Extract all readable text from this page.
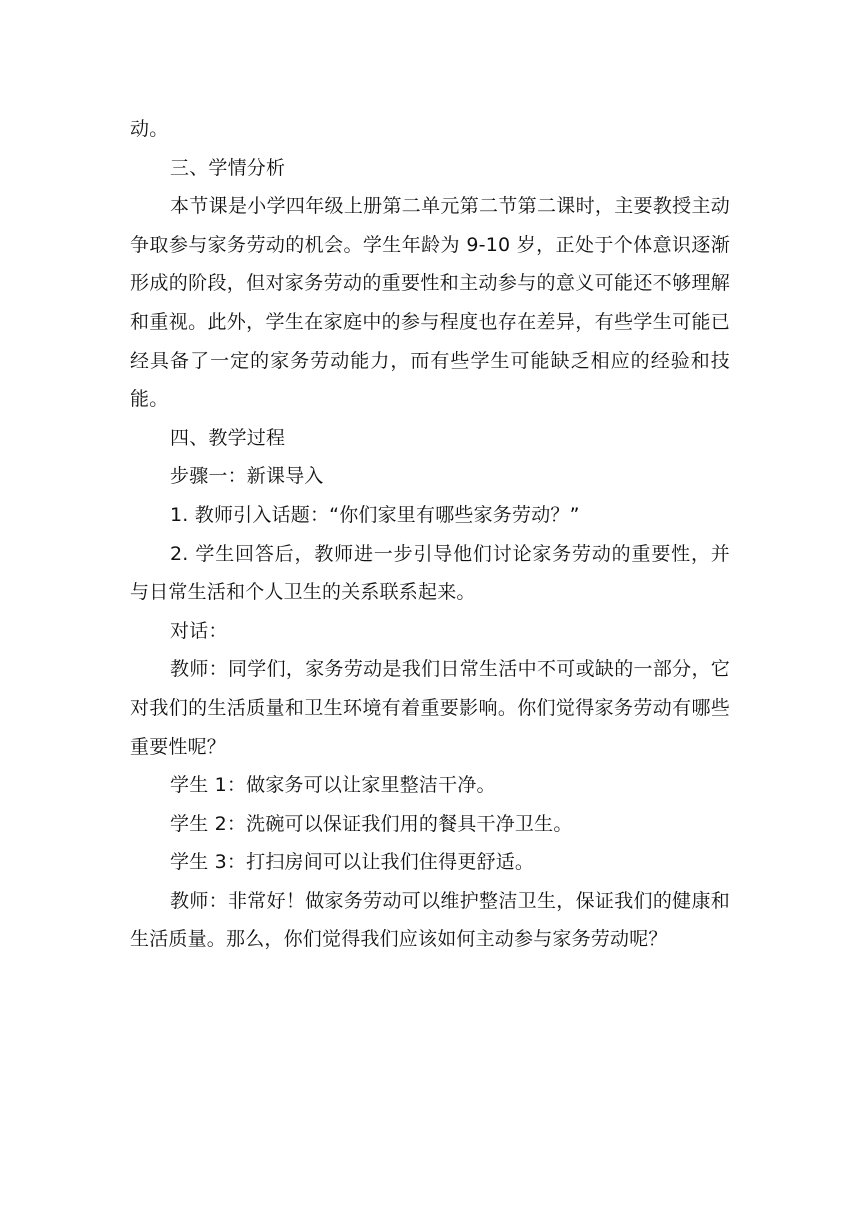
动。

三、学情分析

本节课是小学四年级上册第二单元第二节第二课时，主要教授主动争取参与家务劳动的机会。学生年龄为 9-10 岁，正处于个体意识逐渐形成的阶段，但对家务劳动的重要性和主动参与的意义可能还不够理解和重视。此外，学生在家庭中的参与程度也存在差异，有些学生可能已经具备了一定的家务劳动能力，而有些学生可能缺乏相应的经验和技能。

四、教学过程

步骤一：新课导入

1. 教师引入话题：“你们家里有哪些家务劳动？”

2. 学生回答后，教师进一步引导他们讨论家务劳动的重要性，并与日常生活和个人卫生的关系联系起来。

对话：

教师：同学们，家务劳动是我们日常生活中不可或缺的一部分，它对我们的生活质量和卫生环境有着重要影响。你们觉得家务劳动有哪些重要性呢？

学生 1：做家务可以让家里整洁干净。

学生 2：洗碗可以保证我们用的餐具干净卫生。

学生 3：打扫房间可以让我们住得更舒适。

教师：非常好！做家务劳动可以维护整洁卫生，保证我们的健康和生活质量。那么，你们觉得我们应该如何主动参与家务劳动呢？
